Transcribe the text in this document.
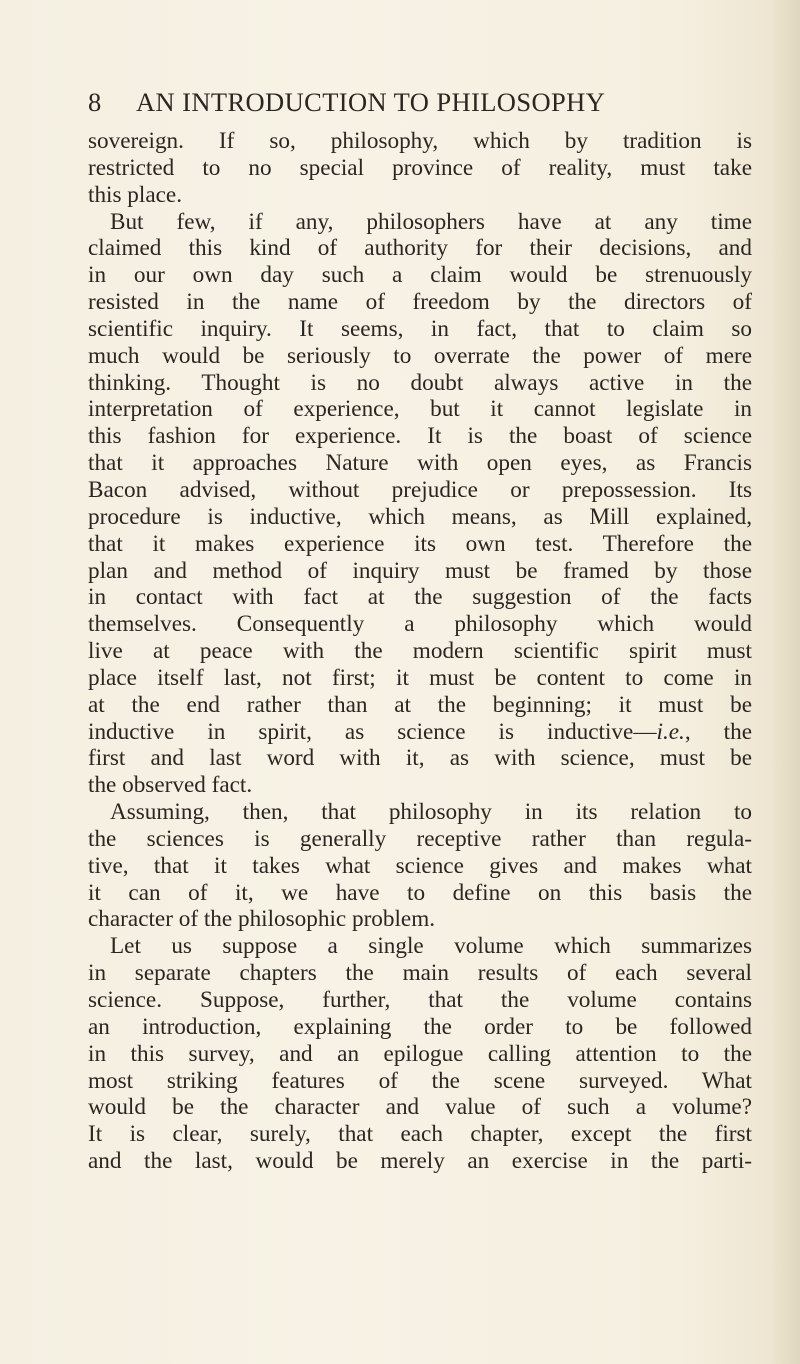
8 AN INTRODUCTION TO PHILOSOPHY

sovereign. If so, philosophy, which by tradition is

restricted to no special province of reality, must take

this place.

But few, if any, philosophers have at any time

claimed this kind of authority for their decisions, and

in our own day such a claim would be strenuously

resisted in the name of freedom by the directors of

scientific inquiry. It seems, in fact, that to claim so

much would be seriously to overrate the power of mere

thinking. Thought is no doubt always active in the

interpretation of experience, but it cannot legislate in

this fashion for experience. It is the boast of science

that it approaches Nature with open eyes, as Francis

Bacon advised, without prejudice or prepossession. Its

procedure is inductive, which means, as Mill explained,

that it makes experience its own test. Therefore the

plan and method of inquiry must be framed by those

in contact with fact at the suggestion of the facts

themselves. Consequently a philosophy which would

live at peace with the modern scientific spirit must

place itself last, not first; it must be content to come in

at the end rather than at the beginning; it must be

inductive in spirit, as science is inductive—i.e., the

first and last word with it, as with science, must be

the observed fact.

Assuming, then, that philosophy in its relation to

the sciences is generally receptive rather than regula-

tive, that it takes what science gives and makes what

it can of it, we have to define on this basis the

character of the philosophic problem.

Let us suppose a single volume which summarizes

in separate chapters the main results of each several

science. Suppose, further, that the volume contains

an introduction, explaining the order to be followed

in this survey, and an epilogue calling attention to the

most striking features of the scene surveyed. What

would be the character and value of such a volume?

It is clear, surely, that each chapter, except the first

and the last, would be merely an exercise in the parti-
